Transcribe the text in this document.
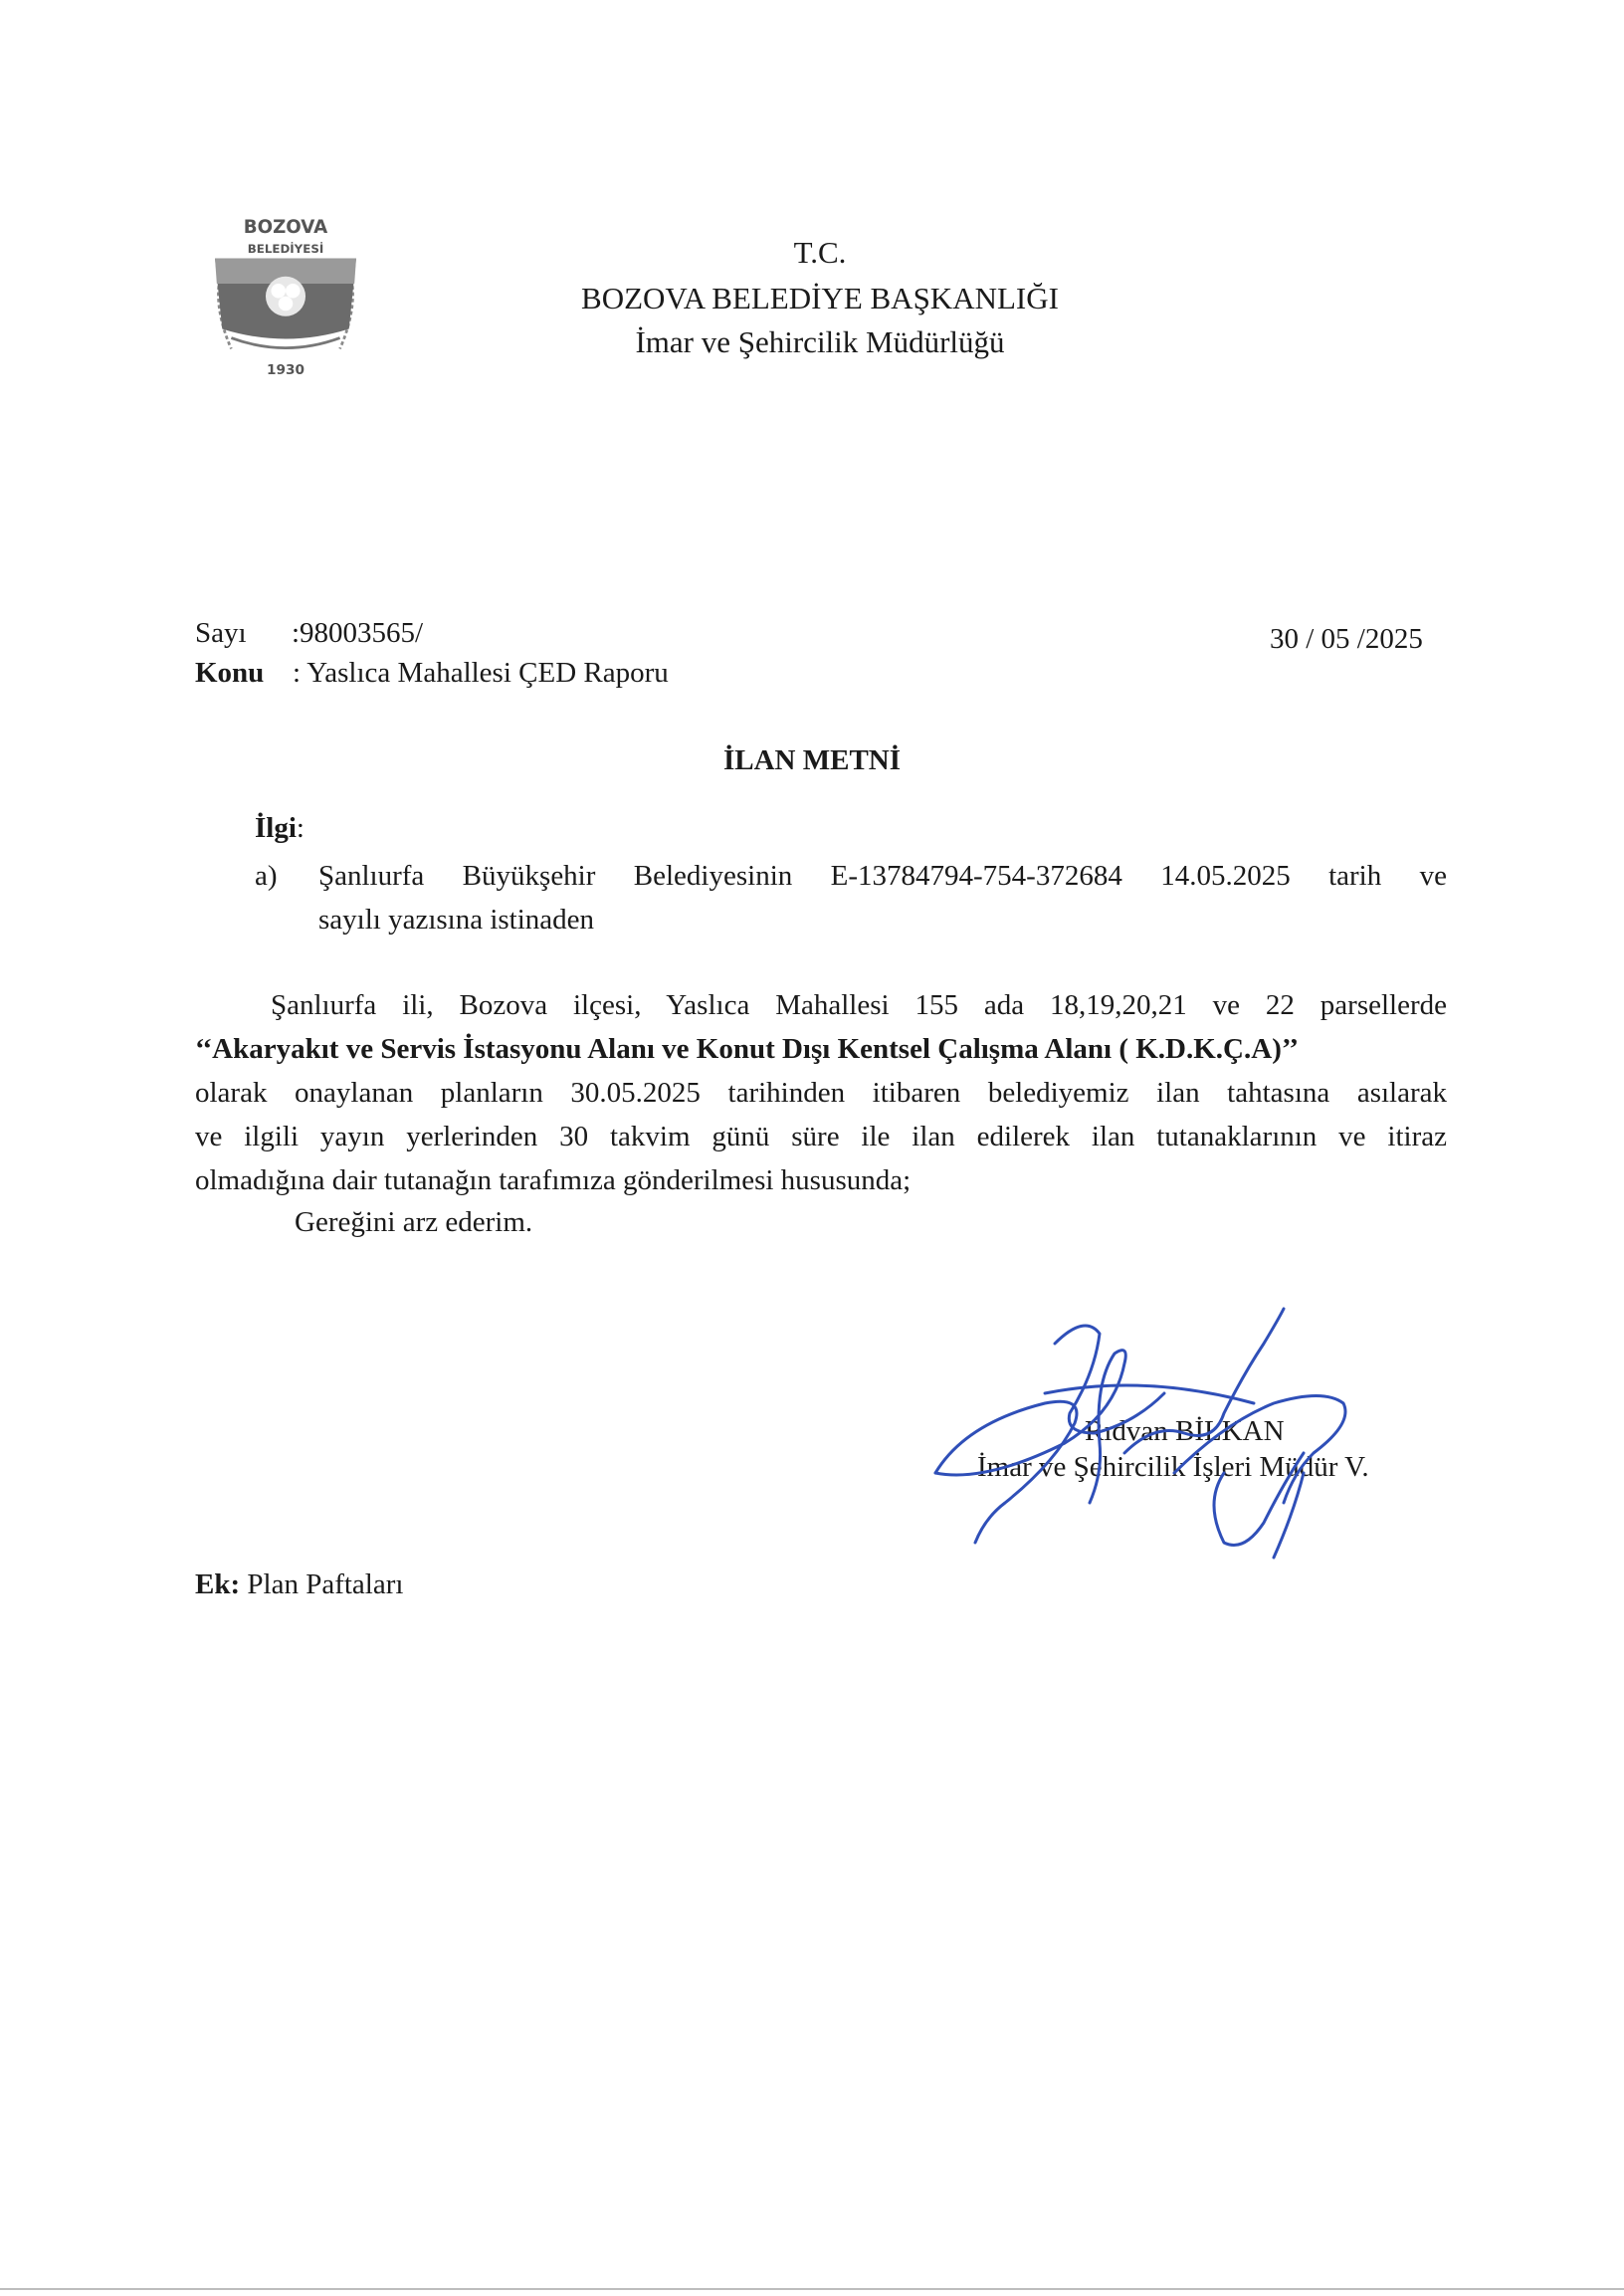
BOZOVA
BELEDİYESİ
1930
T.C.
BOZOVA BELEDİYE BAŞKANLIĞI
İmar ve Şehircilik Müdürlüğü
Sayı :98003565/	30 / 05 /2025
Konu : Yaslıca Mahallesi ÇED Raporu
İLAN METNİ
İlgi:
a) Şanlıurfa Büyükşehir Belediyesinin E-13784794-754-372684 14.05.2025 tarih ve
sayılı yazısına istinaden
Şanlıurfa ili, Bozova ilçesi, Yaslıca Mahallesi 155 ada 18,19,20,21 ve 22 parsellerde
‘‘Akaryakıt ve Servis İstasyonu Alanı ve Konut Dışı Kentsel Çalışma Alanı ( K.D.K.Ç.A)’’
olarak onaylanan planların 30.05.2025 tarihinden itibaren belediyemiz ilan tahtasına asılarak
ve ilgili yayın yerlerinden 30 takvim günü süre ile ilan edilerek ilan tutanaklarının ve itiraz
olmadığına dair tutanağın tarafımıza gönderilmesi hususunda;
Gereğini arz ederim.
Rıdvan BİLKAN
İmar ve Şehircilik İşleri Müdür V.
Ek: Plan Paftaları
